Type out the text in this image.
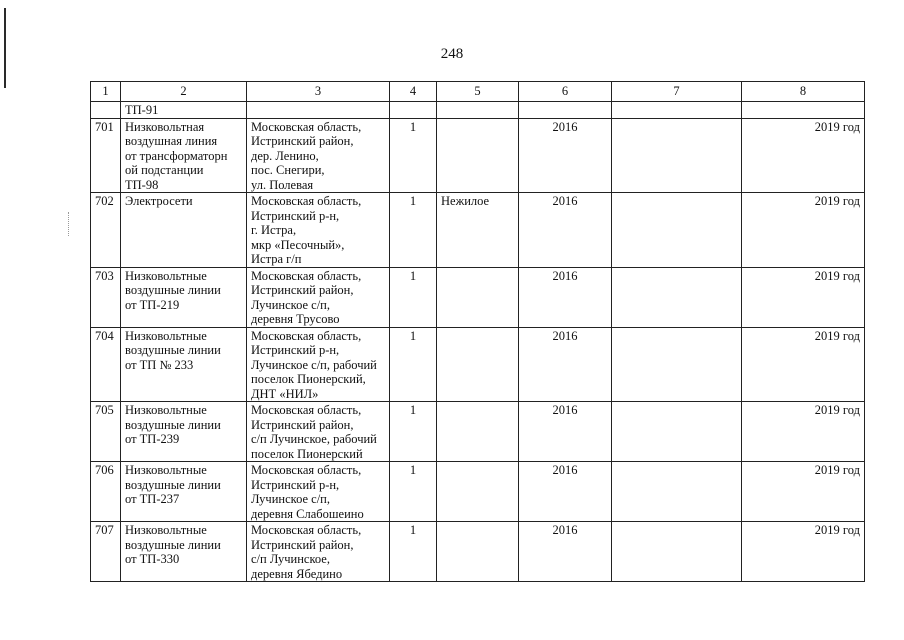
248
1	2	3	4	5	6	7	8

	ТП-91						

701	Низковольтная
воздушная линия
от трансформаторн
ой подстанции
ТП-98	Московская область,
Истринский район,
дер. Ленино,
пос. Снегири,
ул. Полевая	1		2016		2019 год
702	Электросети	Московская область,
Истринский р-н,
г. Истра,
мкр «Песочный»,
Истра г/п	1	Нежилое	2016		2019 год
703	Низковольтные
воздушные линии
от ТП-219	Московская область,
Истринский район,
Лучинское с/п,
деревня Трусово	1		2016		2019 год
704	Низковольтные
воздушные линии
от ТП № 233	Московская область,
Истринский р-н,
Лучинское с/п, рабочий
поселок Пионерский,
ДНТ «НИЛ»	1		2016		2019 год
705	Низковольтные
воздушные линии
от ТП-239	Московская область,
Истринский район,
с/п Лучинское, рабочий
поселок Пионерский	1		2016		2019 год
706	Низковольтные
воздушные линии
от ТП-237	Московская область,
Истринский р-н,
Лучинское с/п,
деревня Слабошеино	1		2016		2019 год
707	Низковольтные
воздушные линии
от ТП-330	Московская область,
Истринский район,
с/п Лучинское,
деревня Ябедино	1		2016		2019 год
